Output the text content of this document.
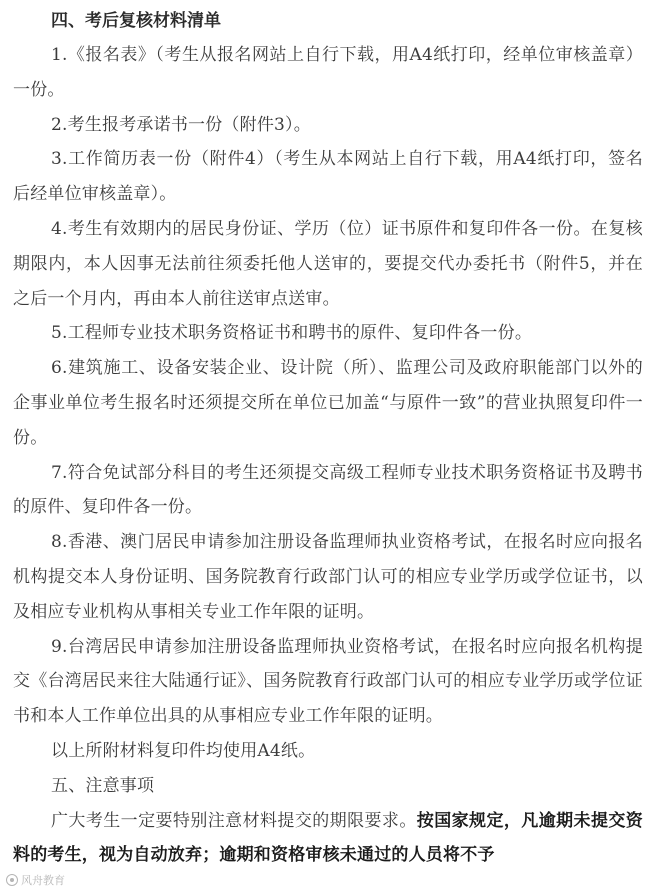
四、考后复核材料清单

1.《报名表》（考生从报名网站上自行下载，用A4纸打印，经单位审核盖章）一份。

2.考生报考承诺书一份（附件3）。

3.工作简历表一份（附件4）（考生从本网站上自行下载，用A4纸打印，签名后经单位审核盖章）。

4.考生有效期内的居民身份证、学历（位）证书原件和复印件各一份。在复核期限内，本人因事无法前往须委托他人送审的，要提交代办委托书（附件5，并在之后一个月内，再由本人前往送审点送审。

5.工程师专业技术职务资格证书和聘书的原件、复印件各一份。

6.建筑施工、设备安装企业、设计院（所）、监理公司及政府职能部门以外的企事业单位考生报名时还须提交所在单位已加盖“与原件一致”的营业执照复印件一份。

7.符合免试部分科目的考生还须提交高级工程师专业技术职务资格证书及聘书的原件、复印件各一份。

8.香港、澳门居民申请参加注册设备监理师执业资格考试，在报名时应向报名机构提交本人身份证明、国务院教育行政部门认可的相应专业学历或学位证书，以及相应专业机构从事相关专业工作年限的证明。

9.台湾居民申请参加注册设备监理师执业资格考试，在报名时应向报名机构提交《台湾居民来往大陆通行证》、国务院教育行政部门认可的相应专业学历或学位证书和本人工作单位出具的从事相应专业工作年限的证明。

以上所附材料复印件均使用A4纸。

五、注意事项

广大考生一定要特别注意材料提交的期限要求。按国家规定，凡逾期未提交资料的考生，视为自动放弃；逾期和资格审核未通过的人员将不予

风舟教育
